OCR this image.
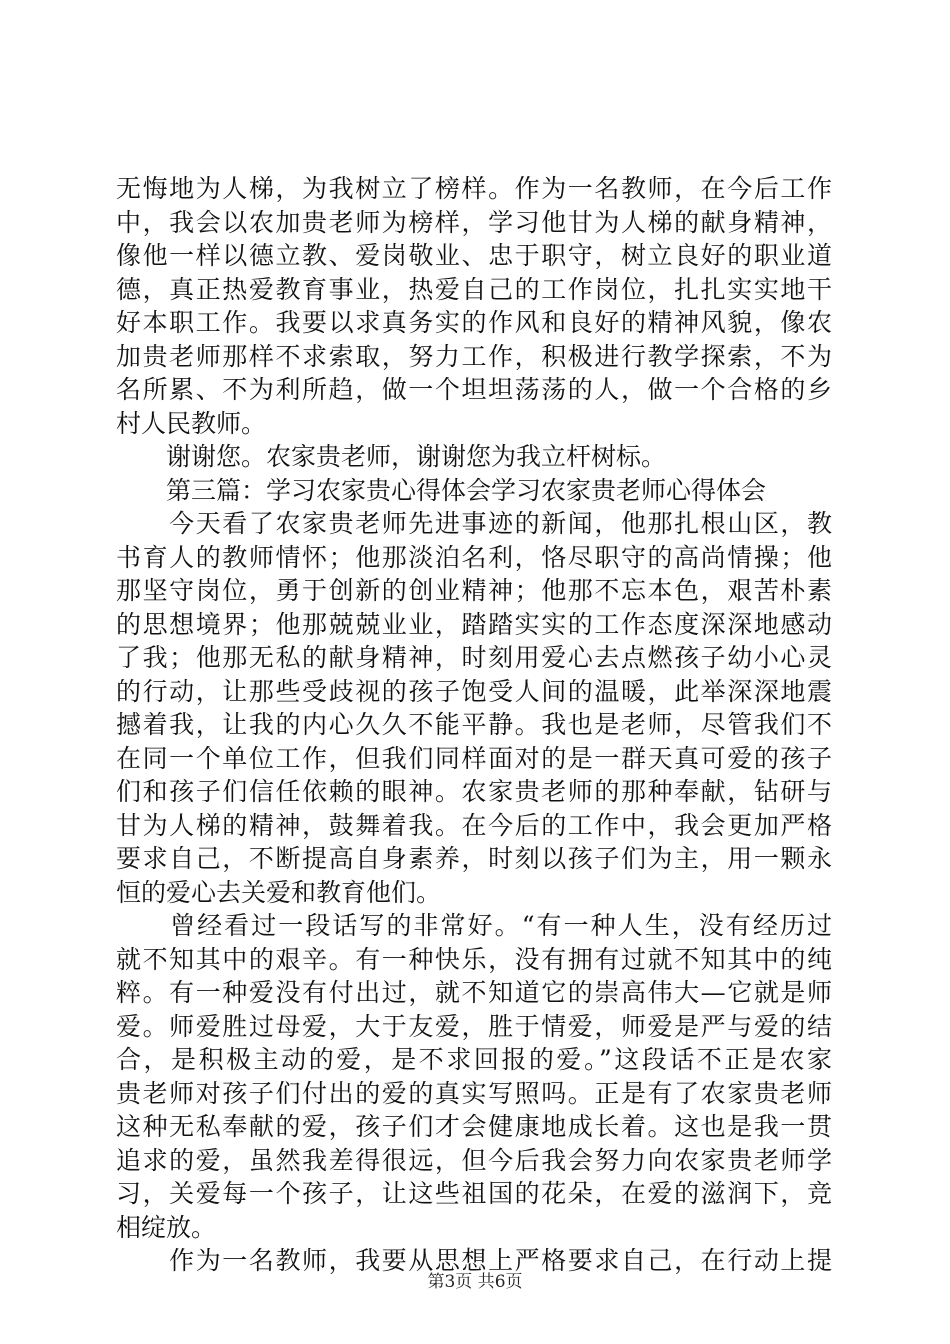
无悔地为人梯，为我树立了榜样。作为一名教师，在今后工作
中，我会以农加贵老师为榜样，学习他甘为人梯的献身精神，
像他一样以德立教、爱岗敬业、忠于职守，树立良好的职业道
德，真正热爱教育事业，热爱自己的工作岗位，扎扎实实地干
好本职工作。我要以求真务实的作风和良好的精神风貌，像农
加贵老师那样不求索取，努力工作，积极进行教学探索，不为
名所累、不为利所趋，做一个坦坦荡荡的人，做一个合格的乡
村人民教师。
　　谢谢您。农家贵老师，谢谢您为我立杆树标。
　　第三篇：学习农家贵心得体会学习农家贵老师心得体会
　　今天看了农家贵老师先进事迹的新闻，他那扎根山区，教
书育人的教师情怀；他那淡泊名利，恪尽职守的高尚情操；他
那坚守岗位，勇于创新的创业精神；他那不忘本色，艰苦朴素
的思想境界；他那兢兢业业，踏踏实实的工作态度深深地感动
了我；他那无私的献身精神，时刻用爱心去点燃孩子幼小心灵
的行动，让那些受歧视的孩子饱受人间的温暖，此举深深地震
撼着我，让我的内心久久不能平静。我也是老师，尽管我们不
在同一个单位工作，但我们同样面对的是一群天真可爱的孩子
们和孩子们信任依赖的眼神。农家贵老师的那种奉献，钻研与
甘为人梯的精神，鼓舞着我。在今后的工作中，我会更加严格
要求自己，不断提高自身素养，时刻以孩子们为主，用一颗永
恒的爱心去关爱和教育他们。
　　曾经看过一段话写的非常好。“有一种人生，没有经历过
就不知其中的艰辛。有一种快乐，没有拥有过就不知其中的纯
粹。有一种爱没有付出过，就不知道它的崇高伟大—它就是师
爱。师爱胜过母爱，大于友爱，胜于情爱，师爱是严与爱的结
合，是积极主动的爱，是不求回报的爱。”这段话不正是农家
贵老师对孩子们付出的爱的真实写照吗。正是有了农家贵老师
这种无私奉献的爱，孩子们才会健康地成长着。这也是我一贯
追求的爱，虽然我差得很远，但今后我会努力向农家贵老师学
习，关爱每一个孩子，让这些祖国的花朵，在爱的滋润下，竞
相绽放。
　　作为一名教师，我要从思想上严格要求自己，在行动上提
第3页 共6页
